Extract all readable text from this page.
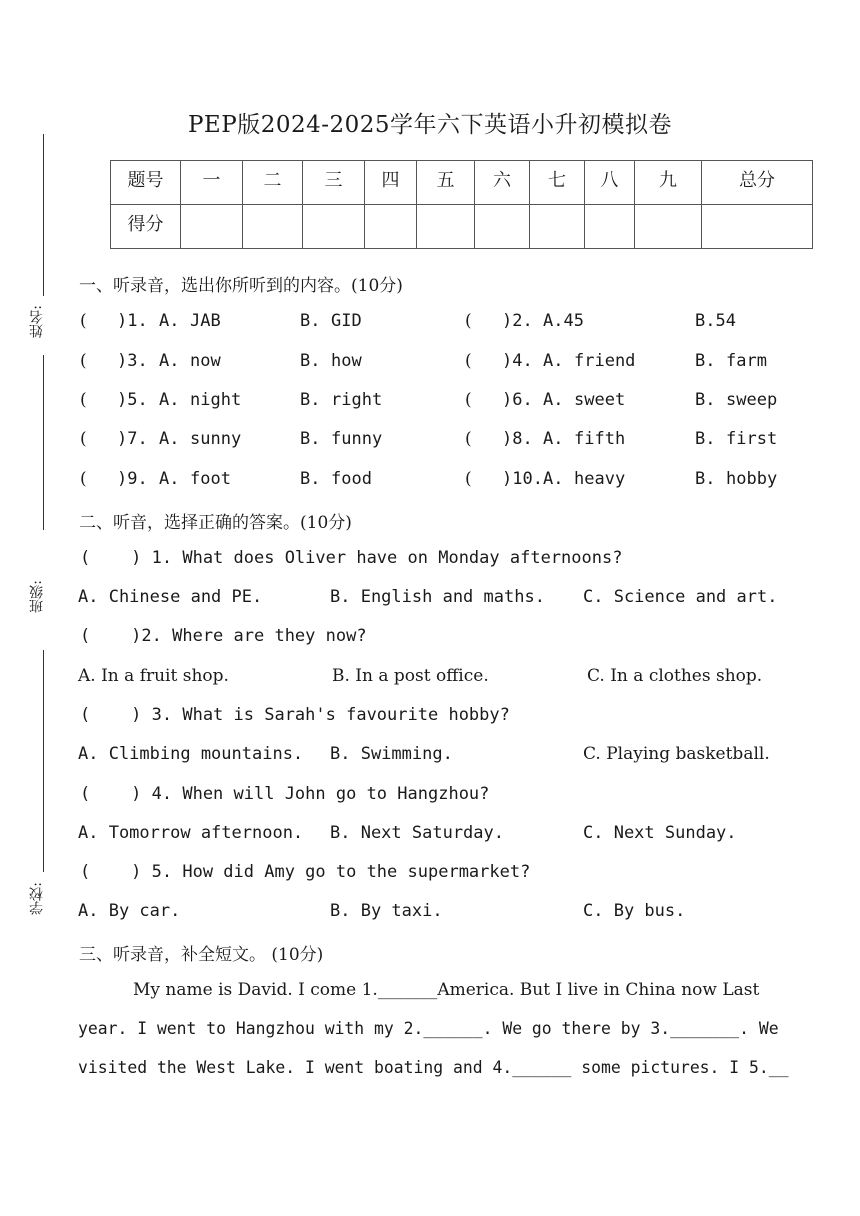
姓名:
班级:
学校:
PEP版2024-2025学年六下英语小升初模拟卷
题号	一	二	三	四	五	六	七	八	九	总分
得分										
一、听录音，选出你所听到的内容。(10分)
( )1. A. JAB	B. GID	( )2. A.45	B.54
( )3. A. now	B. how	( )4. A. friend	B. farm
( )5. A. night	B. right	( )6. A. sweet	B. sweep
( )7. A. sunny	B. funny	( )8. A. fifth	B. first
( )9. A. foot	B. food	( )10. A. heavy	B. hobby
二、听音，选择正确的答案。(10分)
(    ) 1. What does Oliver have on Monday afternoons?
A. Chinese and PE.	B. English and maths. C. Science and art.
(    )2. Where are they now?
A. In a fruit shop.	B. In a post office.	C. In a clothes shop.
(    ) 3. What is Sarah's favourite hobby?
A. Climbing mountains. B. Swimming.	C. Playing basketball.
(    ) 4. When will John go to Hangzhou?
A. Tomorrow afternoon. B. Next Saturday.	C. Next Sunday.
(    ) 5. How did Amy go to the supermarket?
A. By car.	B. By taxi.	C. By bus.
三、听录音，补全短文。 (10分)
My name is David. I come 1._______America. But I live in China now Last
year. I went to Hangzhou with my 2.______. We go there by 3._______. We
visited the West Lake. I went boating and 4.______ some pictures. I 5.__
